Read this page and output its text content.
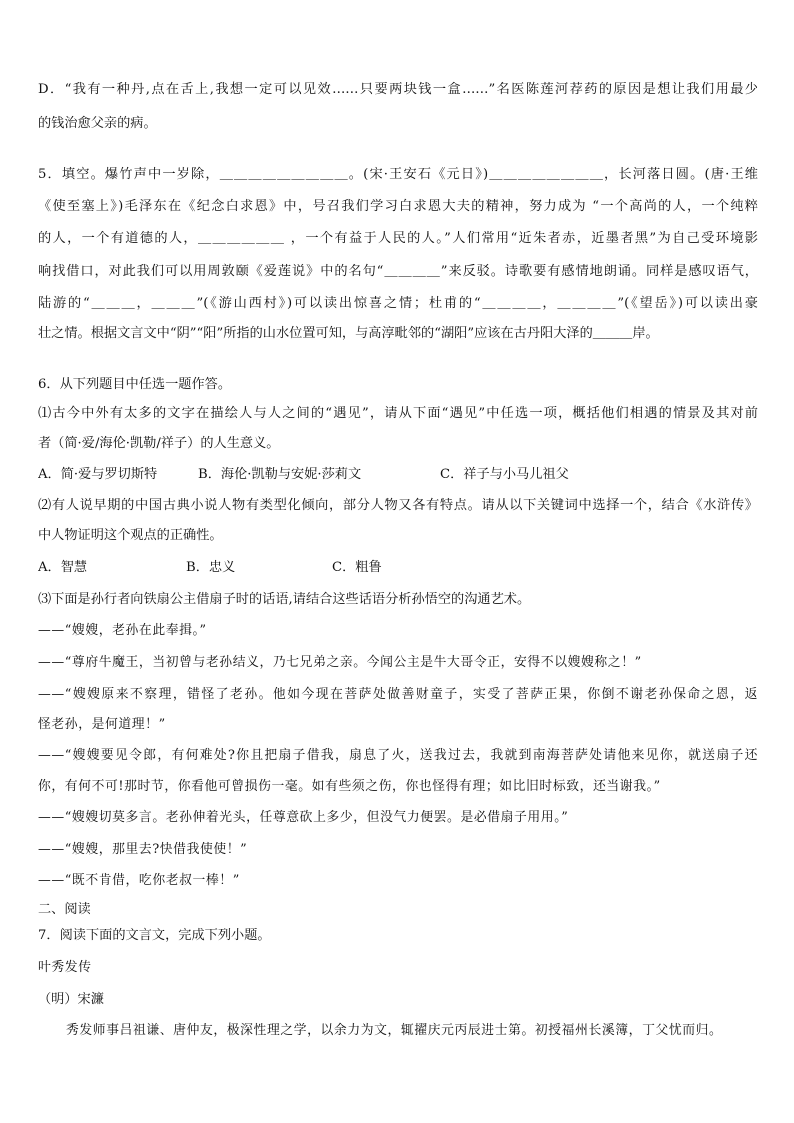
D．“我有一种丹,点在舌上,我想一定可以见效……只要两块钱一盒……”名医陈莲河荐药的原因是想让我们用最少
的钱治愈父亲的病。
5．填空。爆竹声中一岁除，＿＿＿＿＿＿＿＿＿。(宋·王安石《元日》)＿＿＿＿＿＿＿＿，长河落日圆。(唐·王维
《使至塞上》)毛泽东在《纪念白求恩》中，号召我们学习白求恩大夫的精神，努力成为 “一个高尚的人，一个纯粹
的人，一个有道德的人，＿＿＿＿＿＿ ，一个有益于人民的人。”人们常用“近朱者赤，近墨者黑”为自己受环境影
响找借口，对此我们可以用周敦颐《爱莲说》中的名句“＿＿＿＿”来反驳。诗歌要有感情地朗诵。同样是感叹语气，
陆游的“＿＿＿，＿＿＿”(《游山西村》)可以读出惊喜之情；杜甫的“＿＿＿＿，＿＿＿＿”(《望岳》)可以读出豪
壮之情。根据文言文中“阴”“阳”所指的山水位置可知，与高淳毗邻的“湖阳”应该在古丹阳大泽的＿＿＿岸。
6．从下列题目中任选一题作答。
⑴古今中外有太多的文字在描绘人与人之间的“遇见”，请从下面“遇见”中任选一项，概括他们相遇的情景及其对前
者（简·爱/海伦·凯勒/祥子）的人生意义。
A．简·爱与罗切斯特	B．海伦·凯勒与安妮·莎莉文	C．祥子与小马儿祖父
⑵有人说早期的中国古典小说人物有类型化倾向，部分人物又各有特点。请从以下关键词中选择一个，结合《水浒传》
中人物证明这个观点的正确性。
A．智慧	B．忠义	C．粗鲁
⑶下面是孙行者向铁扇公主借扇子时的话语,请结合这些话语分析孙悟空的沟通艺术。
——“嫂嫂，老孙在此奉揖。”
——“尊府牛魔王，当初曾与老孙结义，乃七兄弟之亲。今闻公主是牛大哥令正，安得不以嫂嫂称之！”
——“嫂嫂原来不察理，错怪了老孙。他如今现在菩萨处做善财童子，实受了菩萨正果，你倒不谢老孙保命之恩，返
怪老孙，是何道理！”
——“嫂嫂要见令郎，有何难处?你且把扇子借我，扇息了火，送我过去，我就到南海菩萨处请他来见你，就送扇子还
你，有何不可!那时节，你看他可曾损伤一毫。如有些须之伤，你也怪得有理；如比旧时标致，还当谢我。”
——“嫂嫂切莫多言。老孙伸着光头，任尊意砍上多少，但没气力便罢。是必借扇子用用。”
——“嫂嫂，那里去?快借我使使！”
——“既不肯借，吃你老叔一棒！”
二、阅读
7．阅读下面的文言文，完成下列小题。
叶秀发传
（明）宋濂
秀发师事吕祖谦、唐仲友，极深性理之学，以余力为文，辄擢庆元丙辰进士第。初授福州长溪簿，丁父忧而归。
